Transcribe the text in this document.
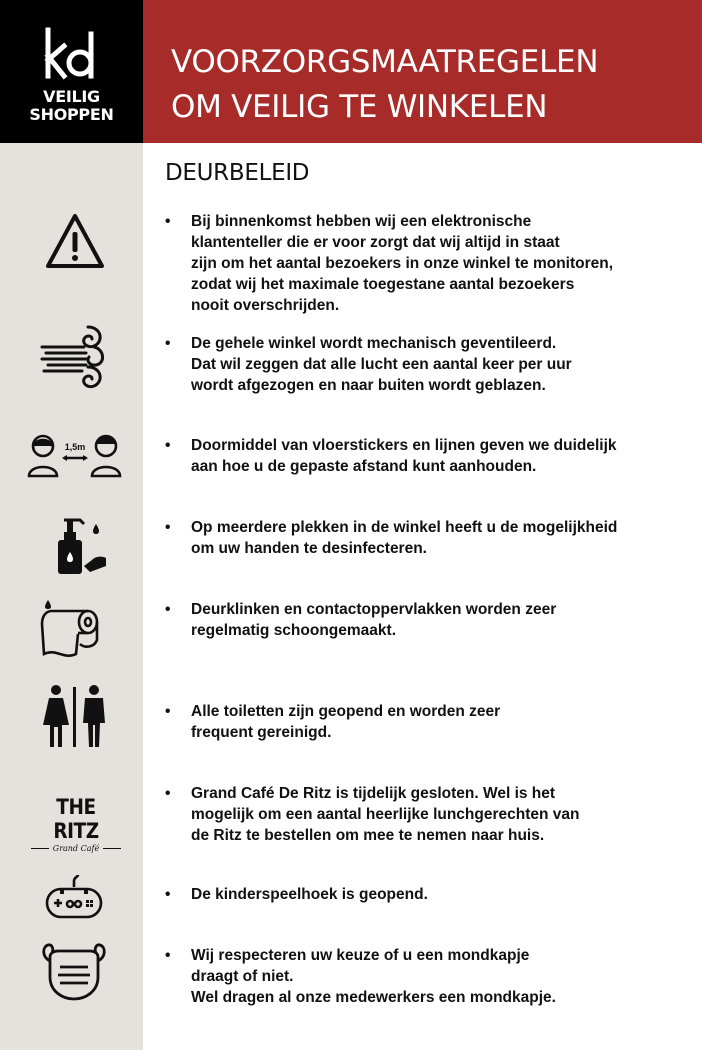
VEILIG
SHOPPEN
VOORZORGSMAATREGELEN
OM VEILIG TE WINKELEN
1,5m
THE RITZ
Grand Café
DEURBELEID
• Bij binnenkomst hebben wij een elektronische
klantenteller die er voor zorgt dat wij altijd in staat
zijn om het aantal bezoekers in onze winkel te monitoren,
zodat wij het maximale toegestane aantal bezoekers
nooit overschrijden.
• De gehele winkel wordt mechanisch geventileerd.
Dat wil zeggen dat alle lucht een aantal keer per uur
wordt afgezogen en naar buiten wordt geblazen.
• Doormiddel van vloerstickers en lijnen geven we duidelijk
aan hoe u de gepaste afstand kunt aanhouden.
• Op meerdere plekken in de winkel heeft u de mogelijkheid
om uw handen te desinfecteren.
• Deurklinken en contactoppervlakken worden zeer
regelmatig schoongemaakt.
• Alle toiletten zijn geopend en worden zeer
frequent gereinigd.
• Grand Café De Ritz is tijdelijk gesloten. Wel is het
mogelijk om een aantal heerlijke lunchgerechten van
de Ritz te bestellen om mee te nemen naar huis.
• De kinderspeelhoek is geopend.
• Wij respecteren uw keuze of u een mondkapje
draagt of niet.
Wel dragen al onze medewerkers een mondkapje.
